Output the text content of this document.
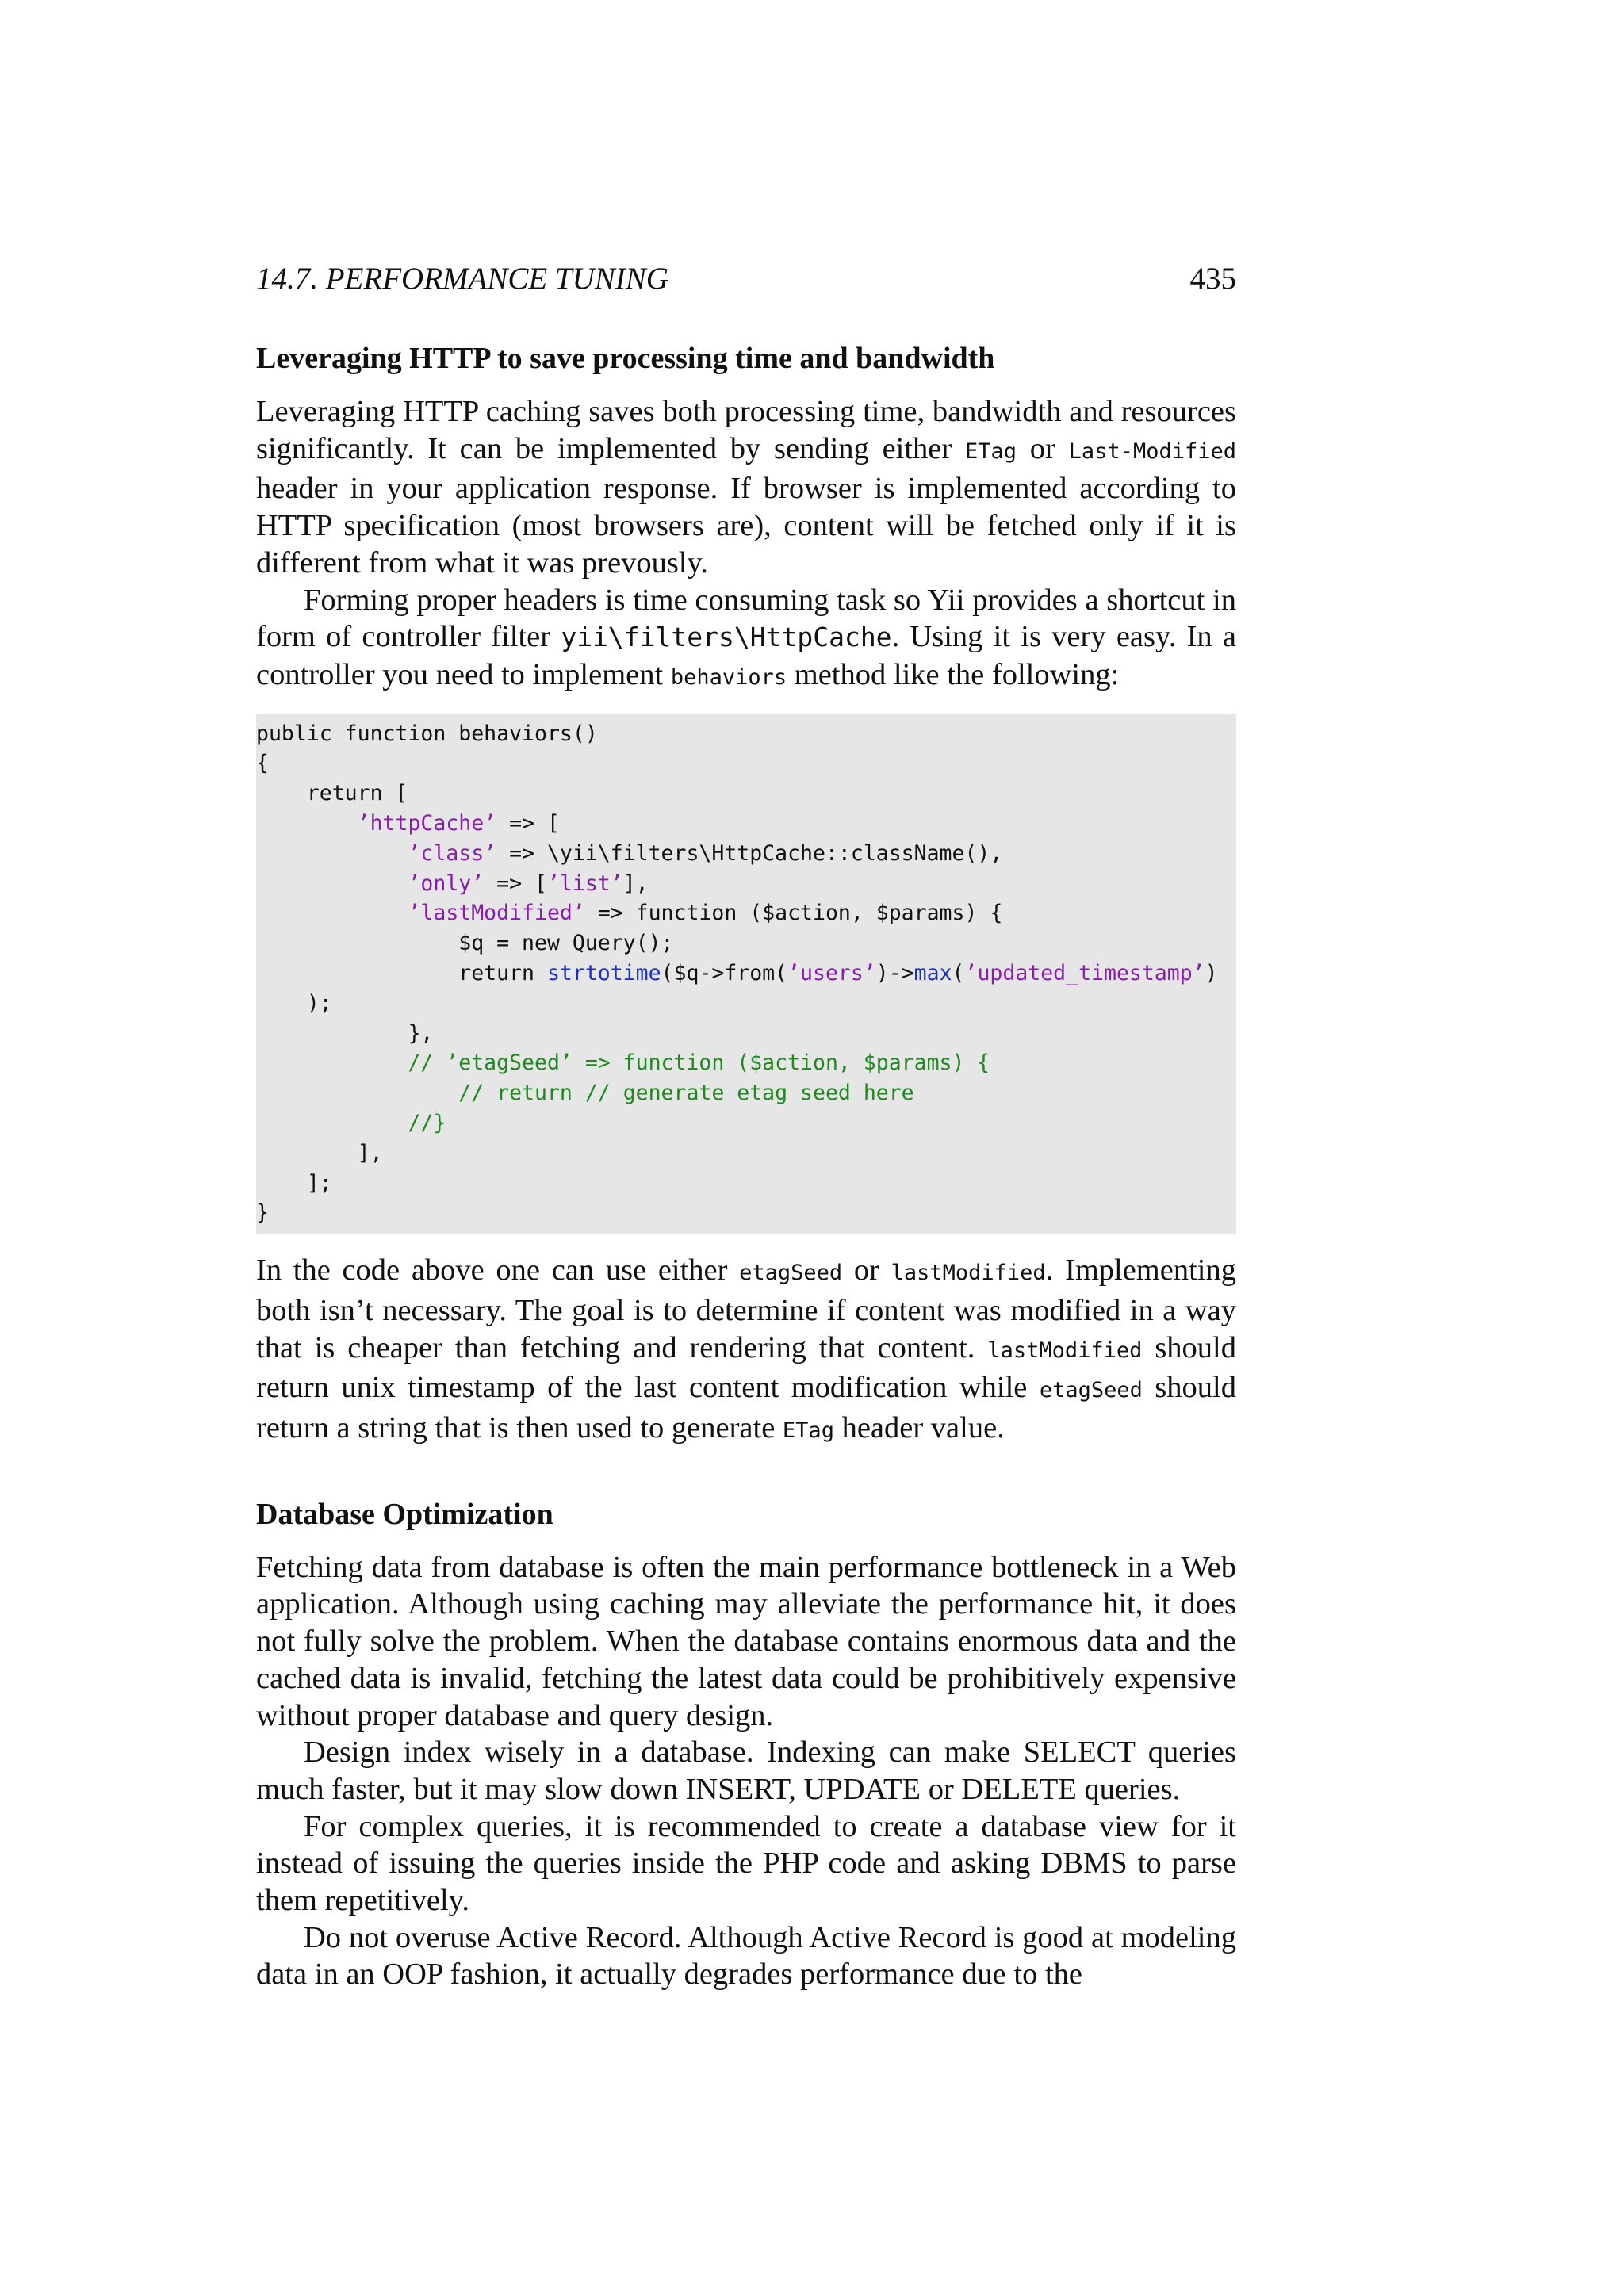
14.7. PERFORMANCE TUNING	435
Leveraging HTTP to save processing time and bandwidth

Leveraging HTTP caching saves both processing time, bandwidth and resources significantly. It can be implemented by sending either ETag or Last-Modified header in your application response. If browser is implemented according to HTTP specification (most browsers are), content will be fetched only if it is different from what it was prevously.

Forming proper headers is time consuming task so Yii provides a shortcut in form of controller filter yii\filters\HttpCache. Using it is very easy. In a controller you need to implement behaviors method like the following:

public function behaviors()
{
return [
’httpCache’ => [
’class’ => \yii\filters\HttpCache::className(),
’only’ => [’list’],
’lastModified’ => function ($action, $params) {
$q = new Query();
return strtotime($q->from(’users’)->max(’updated_timestamp’)
);
},
// ’etagSeed’ => function ($action, $params) {
// return // generate etag seed here
//}
],
];
}

In the code above one can use either etagSeed or lastModified. Implementing both isn’t necessary. The goal is to determine if content was modified in a way that is cheaper than fetching and rendering that content. lastModified should return unix timestamp of the last content modification while etagSeed should return a string that is then used to generate ETag header value.

Database Optimization

Fetching data from database is often the main performance bottleneck in a Web application. Although using caching may alleviate the performance hit, it does not fully solve the problem. When the database contains enormous data and the cached data is invalid, fetching the latest data could be prohibitively expensive without proper database and query design.

Design index wisely in a database. Indexing can make SELECT queries much faster, but it may slow down INSERT, UPDATE or DELETE queries.

For complex queries, it is recommended to create a database view for it instead of issuing the queries inside the PHP code and asking DBMS to parse them repetitively.

Do not overuse Active Record. Although Active Record is good at modeling data in an OOP fashion, it actually degrades performance due to the
